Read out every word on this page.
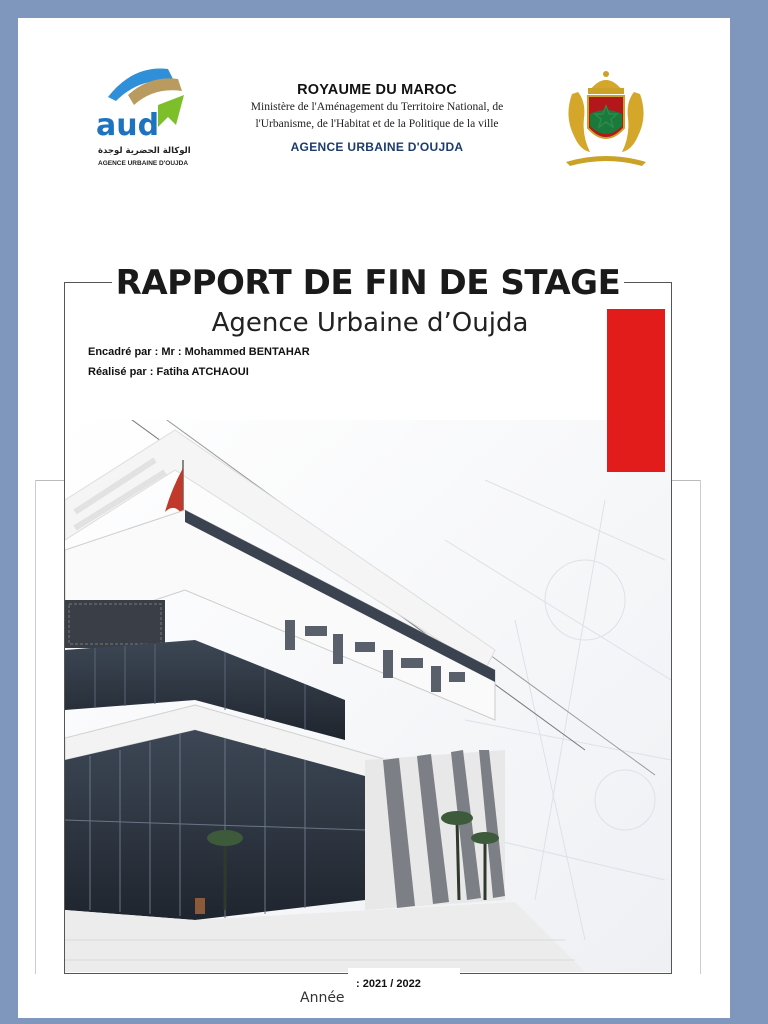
aud
الوكالة الحضرية لوجدة
AGENCE URBAINE D'OUJDA
ROYAUME DU MAROC
Ministère de l'Aménagement du Territoire National, de
l'Urbanisme, de l'Habitat et de la Politique de la ville
AGENCE URBAINE D'OUJDA
RAPPORT DE FIN DE STAGE
Agence Urbaine d’Oujda
Encadré par : Mr : Mohammed BENTAHAR
Réalisé par : Fatiha ATCHAOUI
Année
: 2021 / 2022
